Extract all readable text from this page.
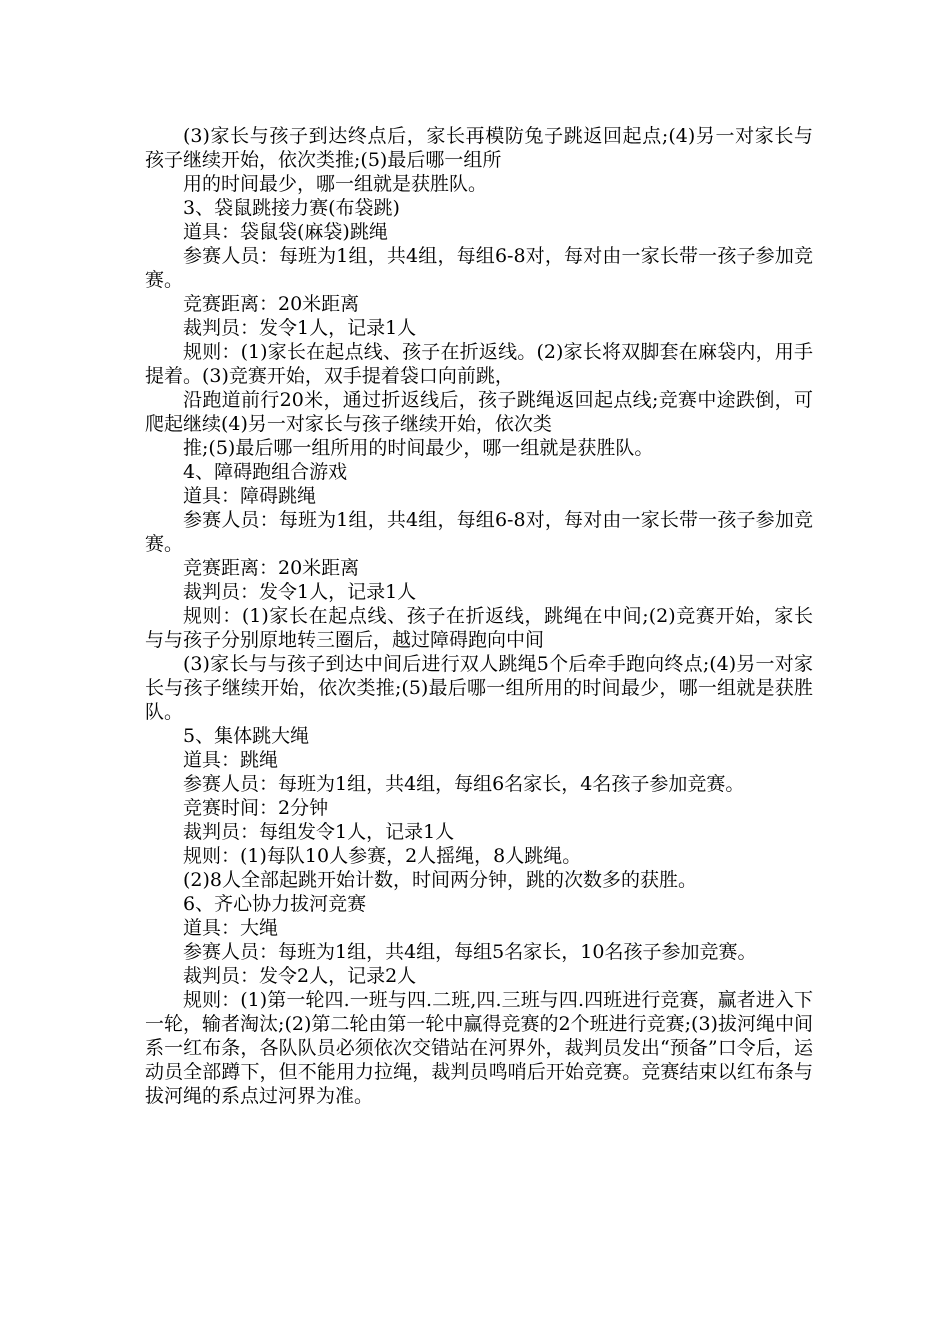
(3)家长与孩子到达终点后，家长再模防兔子跳返回起点;(4)另一对家长与孩子继续开始，依次类推;(5)最后哪一组所

用的时间最少，哪一组就是获胜队。

3、袋鼠跳接力赛(布袋跳)

道具：袋鼠袋(麻袋)跳绳

参赛人员：每班为1组，共4组，每组6-8对，每对由一家长带一孩子参加竞赛。

竞赛距离：20米距离

裁判员：发令1人，记录1人

规则：(1)家长在起点线、孩子在折返线。(2)家长将双脚套在麻袋内，用手提着。(3)竞赛开始，双手提着袋口向前跳，

沿跑道前行20米，通过折返线后，孩子跳绳返回起点线;竞赛中途跌倒，可爬起继续(4)另一对家长与孩子继续开始，依次类

推;(5)最后哪一组所用的时间最少，哪一组就是获胜队。

4、障碍跑组合游戏

道具：障碍跳绳

参赛人员：每班为1组，共4组，每组6-8对，每对由一家长带一孩子参加竞赛。

竞赛距离：20米距离

裁判员：发令1人，记录1人

规则：(1)家长在起点线、孩子在折返线，跳绳在中间;(2)竞赛开始，家长与与孩子分别原地转三圈后，越过障碍跑向中间

(3)家长与与孩子到达中间后进行双人跳绳5个后牵手跑向终点;(4)另一对家长与孩子继续开始，依次类推;(5)最后哪一组所用的时间最少，哪一组就是获胜队。

5、集体跳大绳

道具：跳绳

参赛人员：每班为1组，共4组，每组6名家长，4名孩子参加竞赛。

竞赛时间：2分钟

裁判员：每组发令1人，记录1人

规则：(1)每队10人参赛，2人摇绳，8人跳绳。

(2)8人全部起跳开始计数，时间两分钟，跳的次数多的获胜。

6、齐心协力拔河竞赛

道具：大绳

参赛人员：每班为1组，共4组，每组5名家长，10名孩子参加竞赛。

裁判员：发令2人，记录2人

规则：(1)第一轮四.一班与四.二班,四.三班与四.四班进行竞赛，赢者进入下一轮，输者淘汰;(2)第二轮由第一轮中赢得竞赛的2个班进行竞赛;(3)拔河绳中间系一红布条，各队队员必须依次交错站在河界外，裁判员发出“预备”口令后，运动员全部蹲下，但不能用力拉绳，裁判员鸣哨后开始竞赛。竞赛结束以红布条与拔河绳的系点过河界为准。
